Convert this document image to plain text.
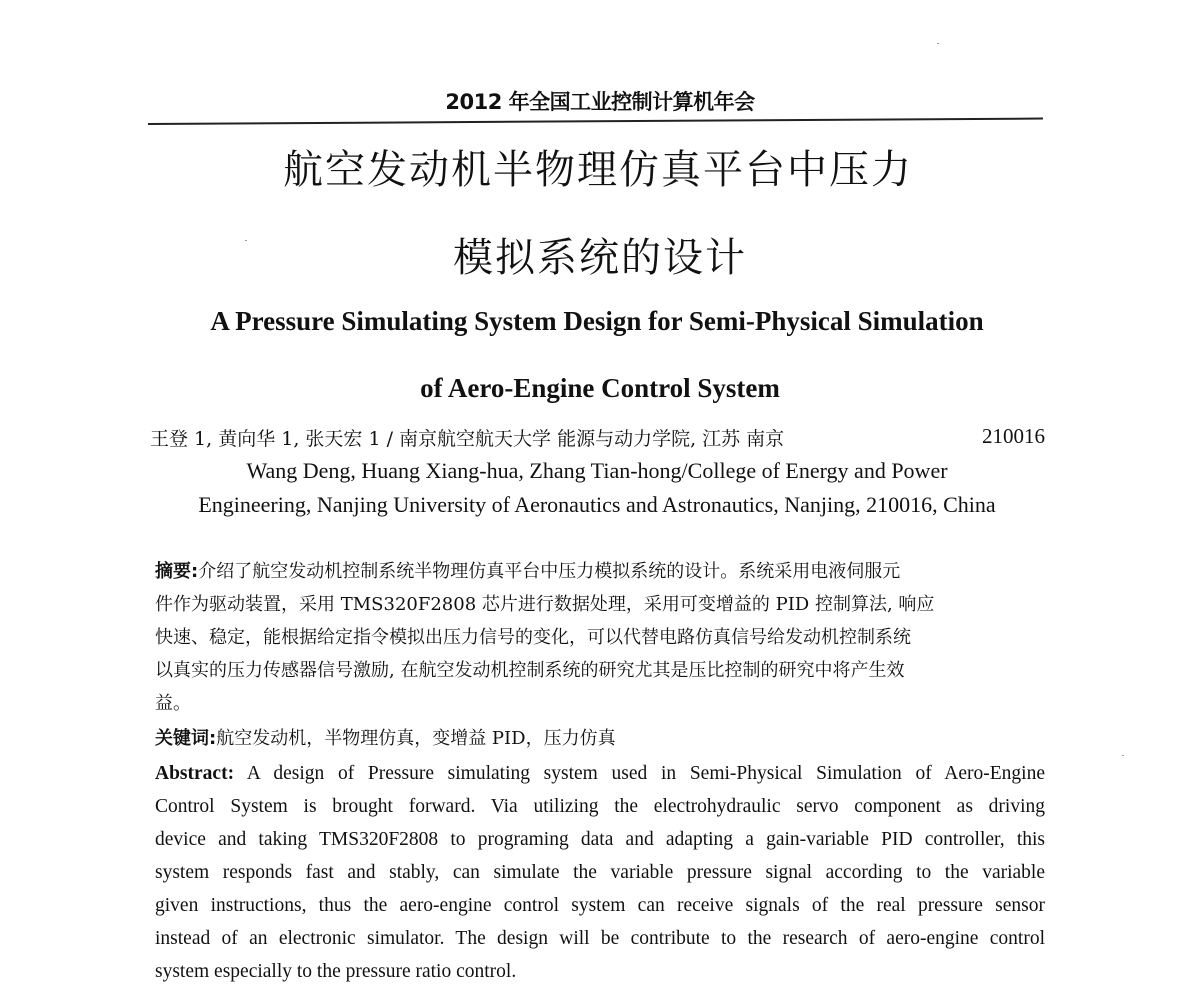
2012 年全国工业控制计算机年会
航空发动机半物理仿真平台中压力
模拟系统的设计
A Pressure Simulating System Design for Semi-Physical Simulation
of Aero-Engine Control System
王登 1, 黄向华 1, 张天宏 1 / 南京航空航天大学 能源与动力学院, 江苏 南京	210016
Wang Deng, Huang Xiang-hua, Zhang Tian-hong/College of Energy and Power
Engineering, Nanjing University of Aeronautics and Astronautics, Nanjing, 210016, China
摘要:介绍了航空发动机控制系统半物理仿真平台中压力模拟系统的设计。系统采用电液伺服元
件作为驱动装置，采用 TMS320F2808 芯片进行数据处理，采用可变增益的 PID 控制算法, 响应
快速、稳定，能根据给定指令模拟出压力信号的变化，可以代替电路仿真信号给发动机控制系统
以真实的压力传感器信号激励, 在航空发动机控制系统的研究尤其是压比控制的研究中将产生效
益。
关键词:航空发动机，半物理仿真，变增益 PID，压力仿真
Abstract: A design of Pressure simulating system used in Semi-Physical Simulation of Aero-Engine
Control System is brought forward. Via utilizing the electrohydraulic servo component as driving
device and taking TMS320F2808 to programing data and adapting a gain-variable PID controller, this
system responds fast and stably, can simulate the variable pressure signal according to the variable
given instructions, thus the aero-engine control system can receive signals of the real pressure sensor
instead of an electronic simulator. The design will be contribute to the research of aero-engine control
system especially to the pressure ratio control.
